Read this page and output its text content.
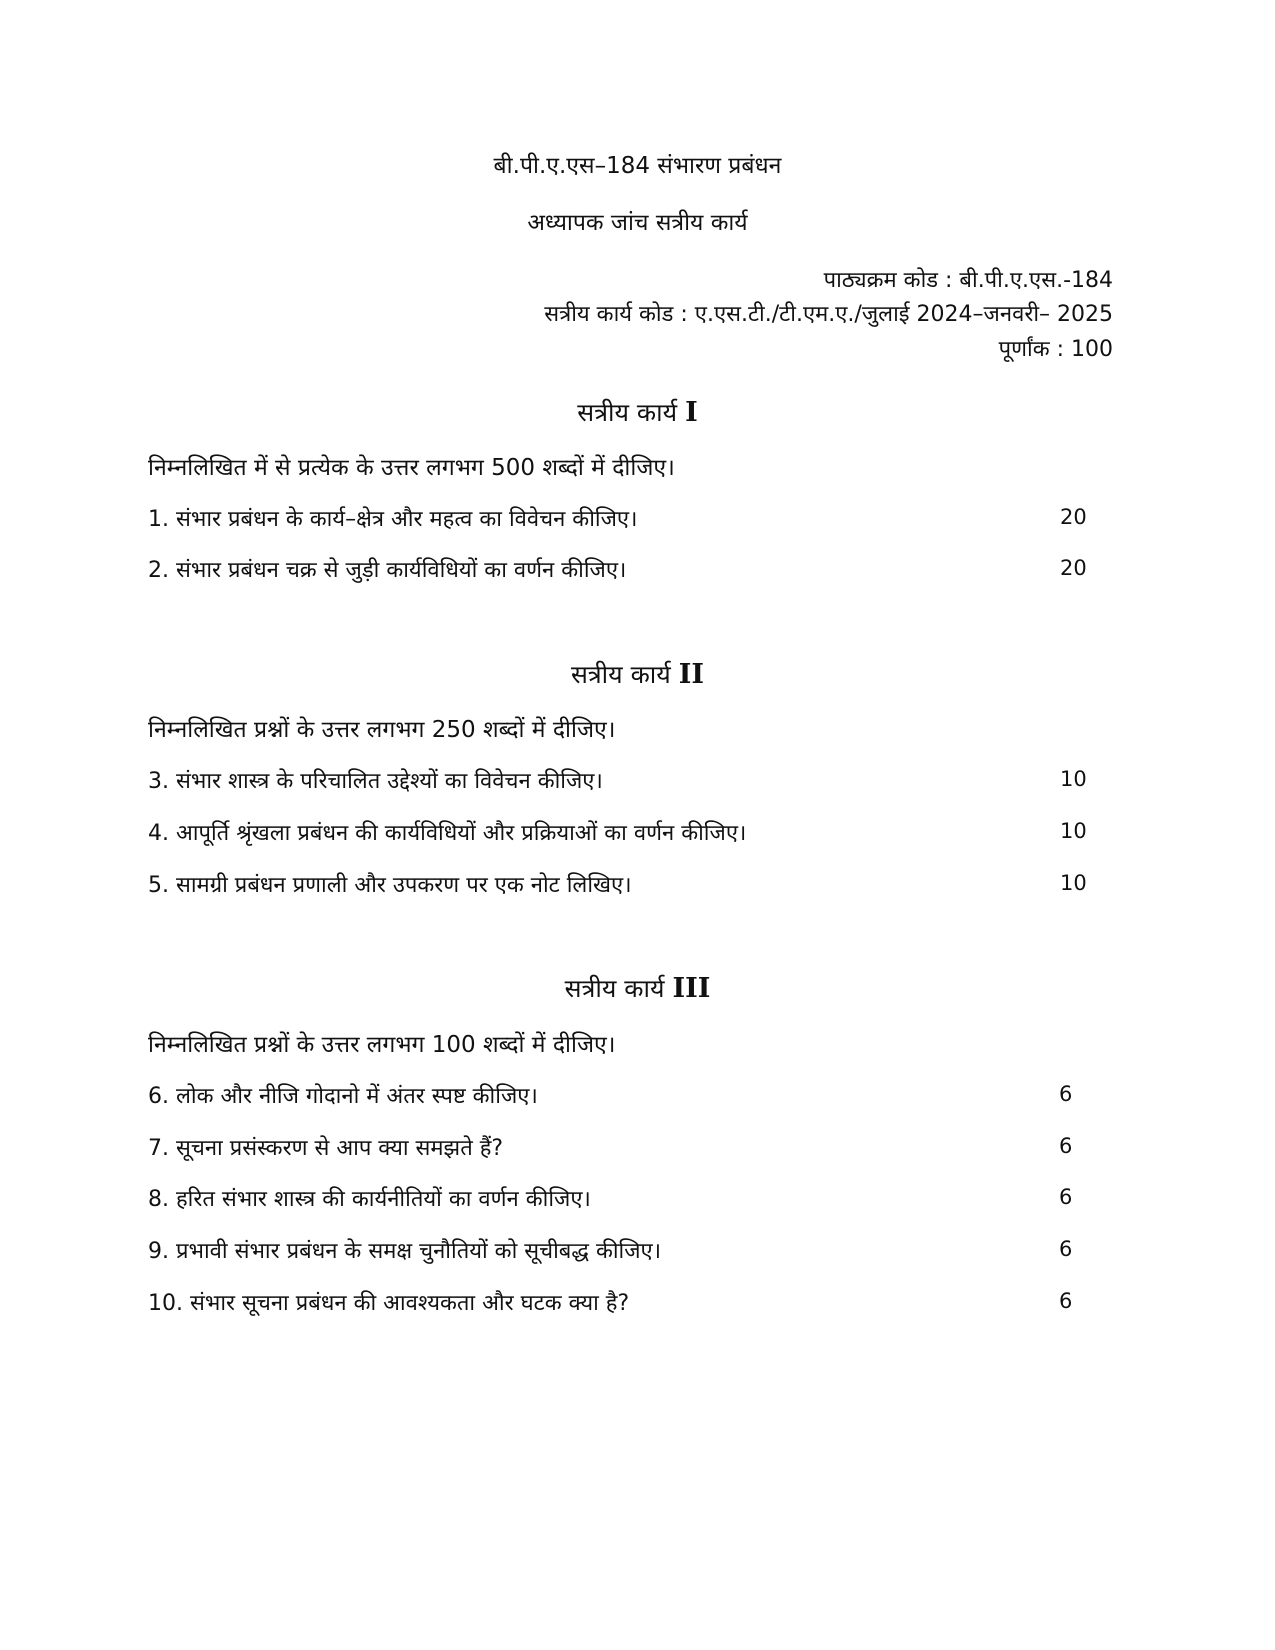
बी.पी.ए.एस–184 संभारण प्रबंधन
अध्यापक जांच सत्रीय कार्य
पाठ्यक्रम कोड : बी.पी.ए.एस.-184
सत्रीय कार्य कोड : ए.एस.टी./टी.एम.ए./जुलाई 2024–जनवरी– 2025
पूर्णांक : 100
सत्रीय कार्य I
निम्नलिखित में से प्रत्येक के उत्तर लगभग 500 शब्दों में दीजिए।
1. संभार प्रबंधन के कार्य–क्षेत्र और महत्व का विवेचन कीजिए।	20
2. संभार प्रबंधन चक्र से जुड़ी कार्यविधियों का वर्णन कीजिए।	20
सत्रीय कार्य II
निम्नलिखित प्रश्नों के उत्तर लगभग 250 शब्दों में दीजिए।
3. संभार शास्त्र के परिचालित उद्देश्यों का विवेचन कीजिए।	10
4. आपूर्ति श्रृंखला प्रबंधन की कार्यविधियों और प्रक्रियाओं का वर्णन कीजिए।	10
5. सामग्री प्रबंधन प्रणाली और उपकरण पर एक नोट लिखिए।	10
सत्रीय कार्य III
निम्नलिखित प्रश्नों के उत्तर लगभग 100 शब्दों में दीजिए।
6. लोक और नीजि गोदानो में अंतर स्पष्ट कीजिए।	6
7. सूचना प्रसंस्करण से आप क्या समझते हैं?	6
8. हरित संभार शास्त्र की कार्यनीतियों का वर्णन कीजिए।	6
9. प्रभावी संभार प्रबंधन के समक्ष चुनौतियों को सूचीबद्ध कीजिए।	6
10. संभार सूचना प्रबंधन की आवश्यकता और घटक क्या है?	6
